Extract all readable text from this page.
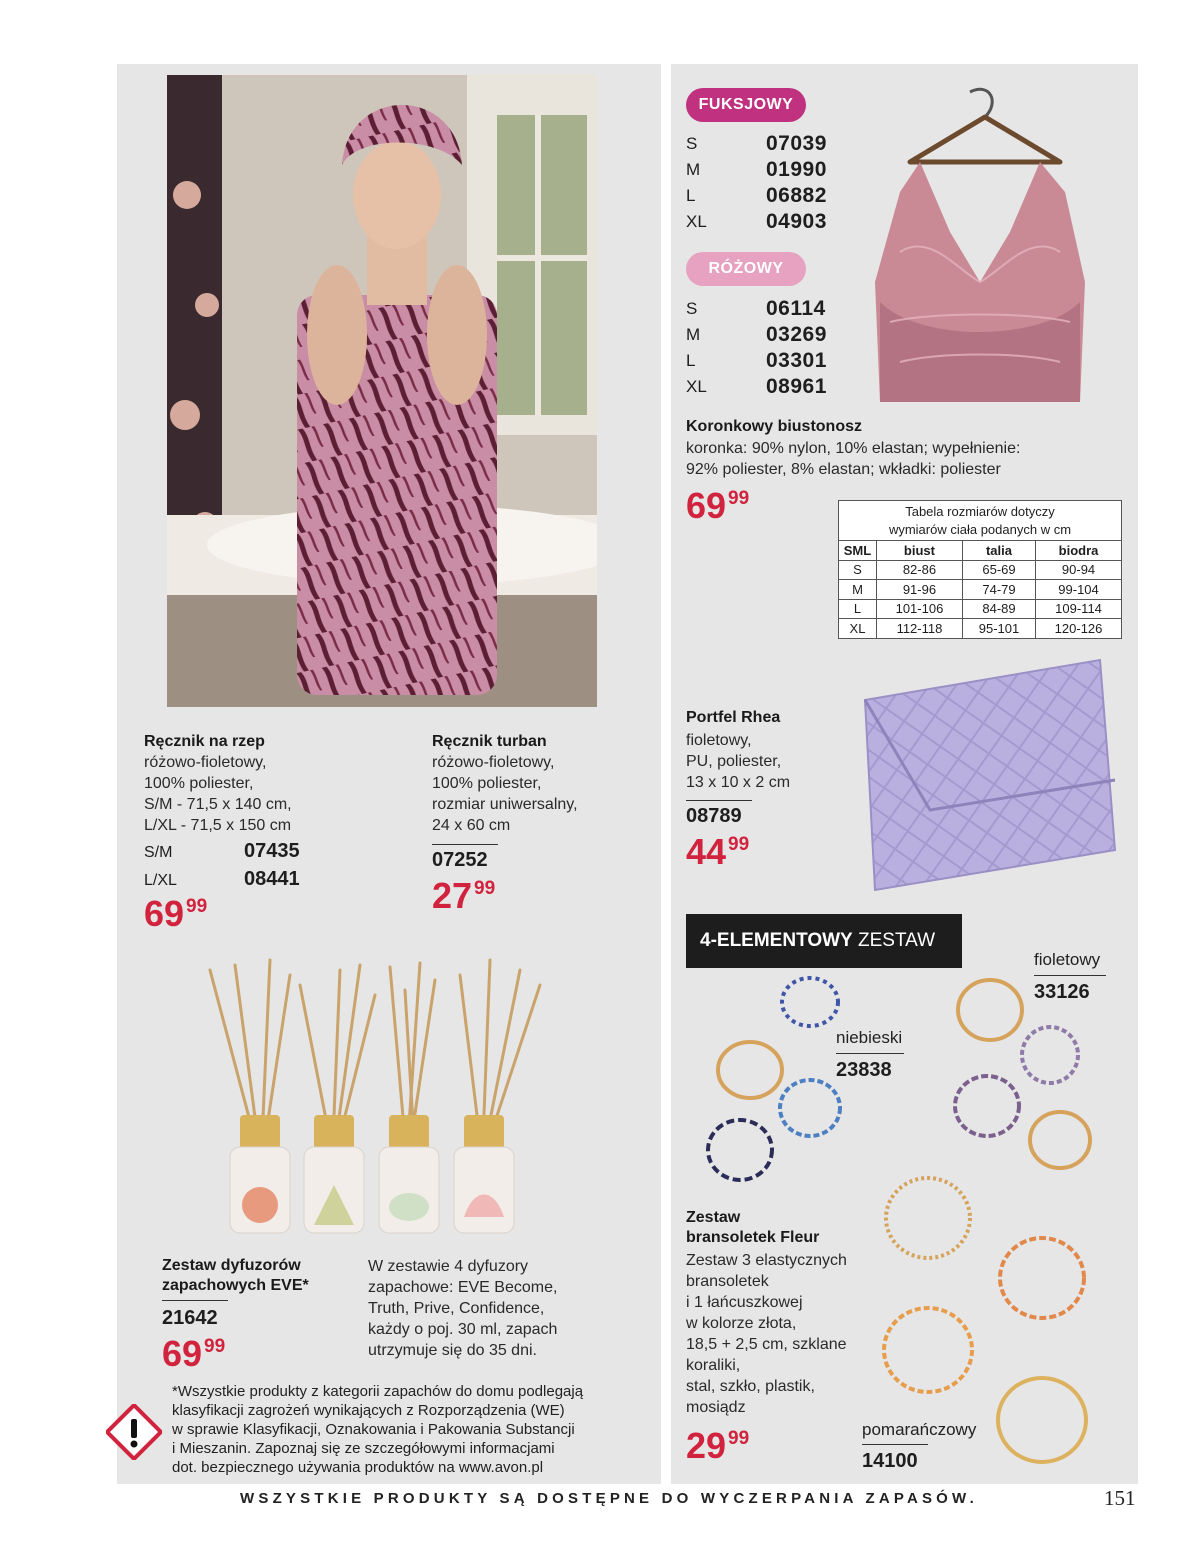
Ręcznik na rzep
różowo-fioletowy,
100% poliester,
S/M - 71,5 x 140 cm,
L/XL - 71,5 x 150 cm
S/M	07435
L/XL	08441
69 99
Ręcznik turban
różowo-fioletowy,
100% poliester,
rozmiar uniwersalny,
24 x 60 cm
07252
27 99
Zestaw dyfuzorów
zapachowych EVE*
21642
69 99
W zestawie 4 dyfuzory
zapachowe: EVE Become,
Truth, Prive, Confidence,
każdy o poj. 30 ml, zapach
utrzymuje się do 35 dni.
*Wszystkie produkty z kategorii zapachów do domu podlegają
klasyfikacji zagrożeń wynikających z Rozporządzenia (WE)
w sprawie Klasyfikacji, Oznakowania i Pakowania Substancji
i Mieszanin. Zapoznaj się ze szczegółowymi informacjami
dot. bezpiecznego używania produktów na www.avon.pl
FUKSJOWY
S	07039
M	01990
L	06882
XL	04903
RÓŻOWY
S	06114
M	03269
L	03301
XL	08961
Koronkowy biustonosz
koronka: 90% nylon, 10% elastan; wypełnienie:
92% poliester, 8% elastan; wkładki: poliester
69 99
Tabela rozmiarów dotyczy
wymiarów ciała podanych w cm
SML	biust	talia	biodra
S	82-86	65-69	90-94
M	91-96	74-79	99-104
L	101-106	84-89	109-114
XL	112-118	95-101	120-126
Portfel Rhea
fioletowy,
PU, poliester,
13 x 10 x 2 cm
08789
44 99
4-ELEMENTOWY ZESTAW
fioletowy
33126
niebieski
23838
Zestaw
bransoletek Fleur
Zestaw 3 elastycznych
bransoletek
i 1 łańcuszkowej
w kolorze złota,
18,5 + 2,5 cm, szklane
koraliki,
stal, szkło, plastik,
mosiądz
29 99	pomarańczowy
14100
WSZYSTKIE PRODUKTY SĄ DOSTĘPNE DO WYCZERPANIA ZAPASÓW.	151
